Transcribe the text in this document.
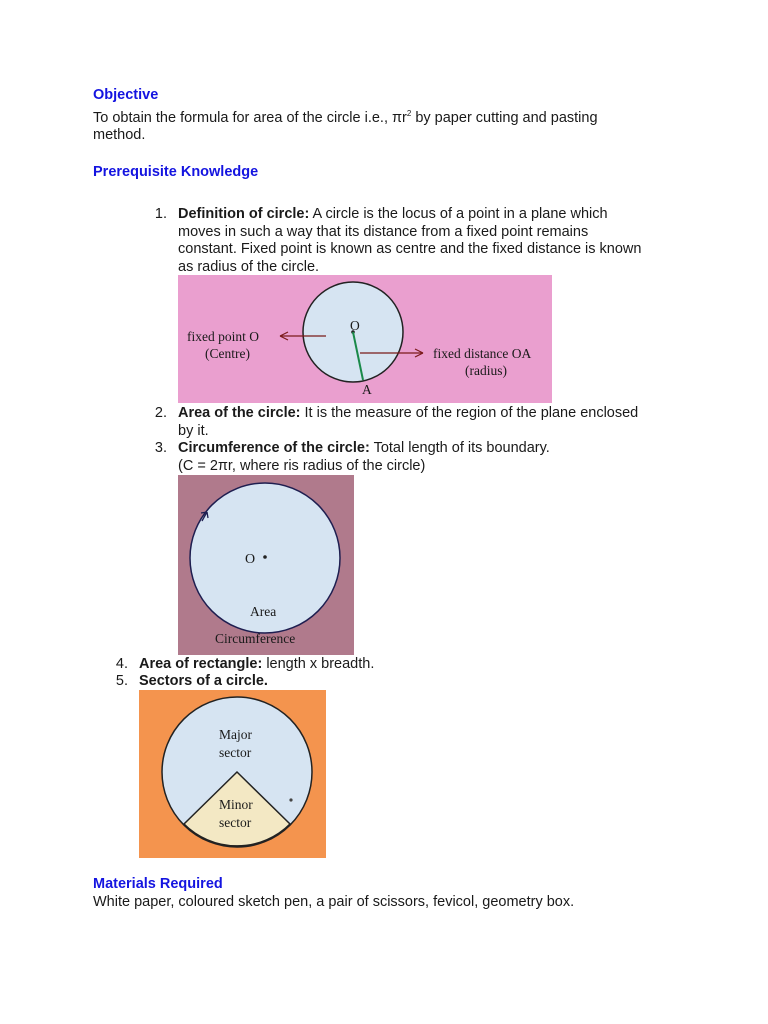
Objective
To obtain the formula for area of the circle i.e., $\pi r^2$ by paper cutting and pasting
method.
Prerequisite Knowledge
1. Definition of circle: A circle is the locus of a point in a plane which
moves in such a way that its distance from a fixed point remains
constant. Fixed point is known as centre and the fixed distance is known
as radius of the circle.
fixed point O
(Centre)
O
A
fixed distance OA
(radius)
2. Area of the circle: It is the measure of the region of the plane enclosed
by it.
3. Circumference of the circle: Total length of its boundary.
(C = 2πr, where ris radius of the circle)
O
Area
Circumference
4. Area of rectangle: length x breadth.
5. Sectors of a circle.
Major
sector
Minor
sector
Materials Required
White paper, coloured sketch pen, a pair of scissors, fevicol, geometry box.
